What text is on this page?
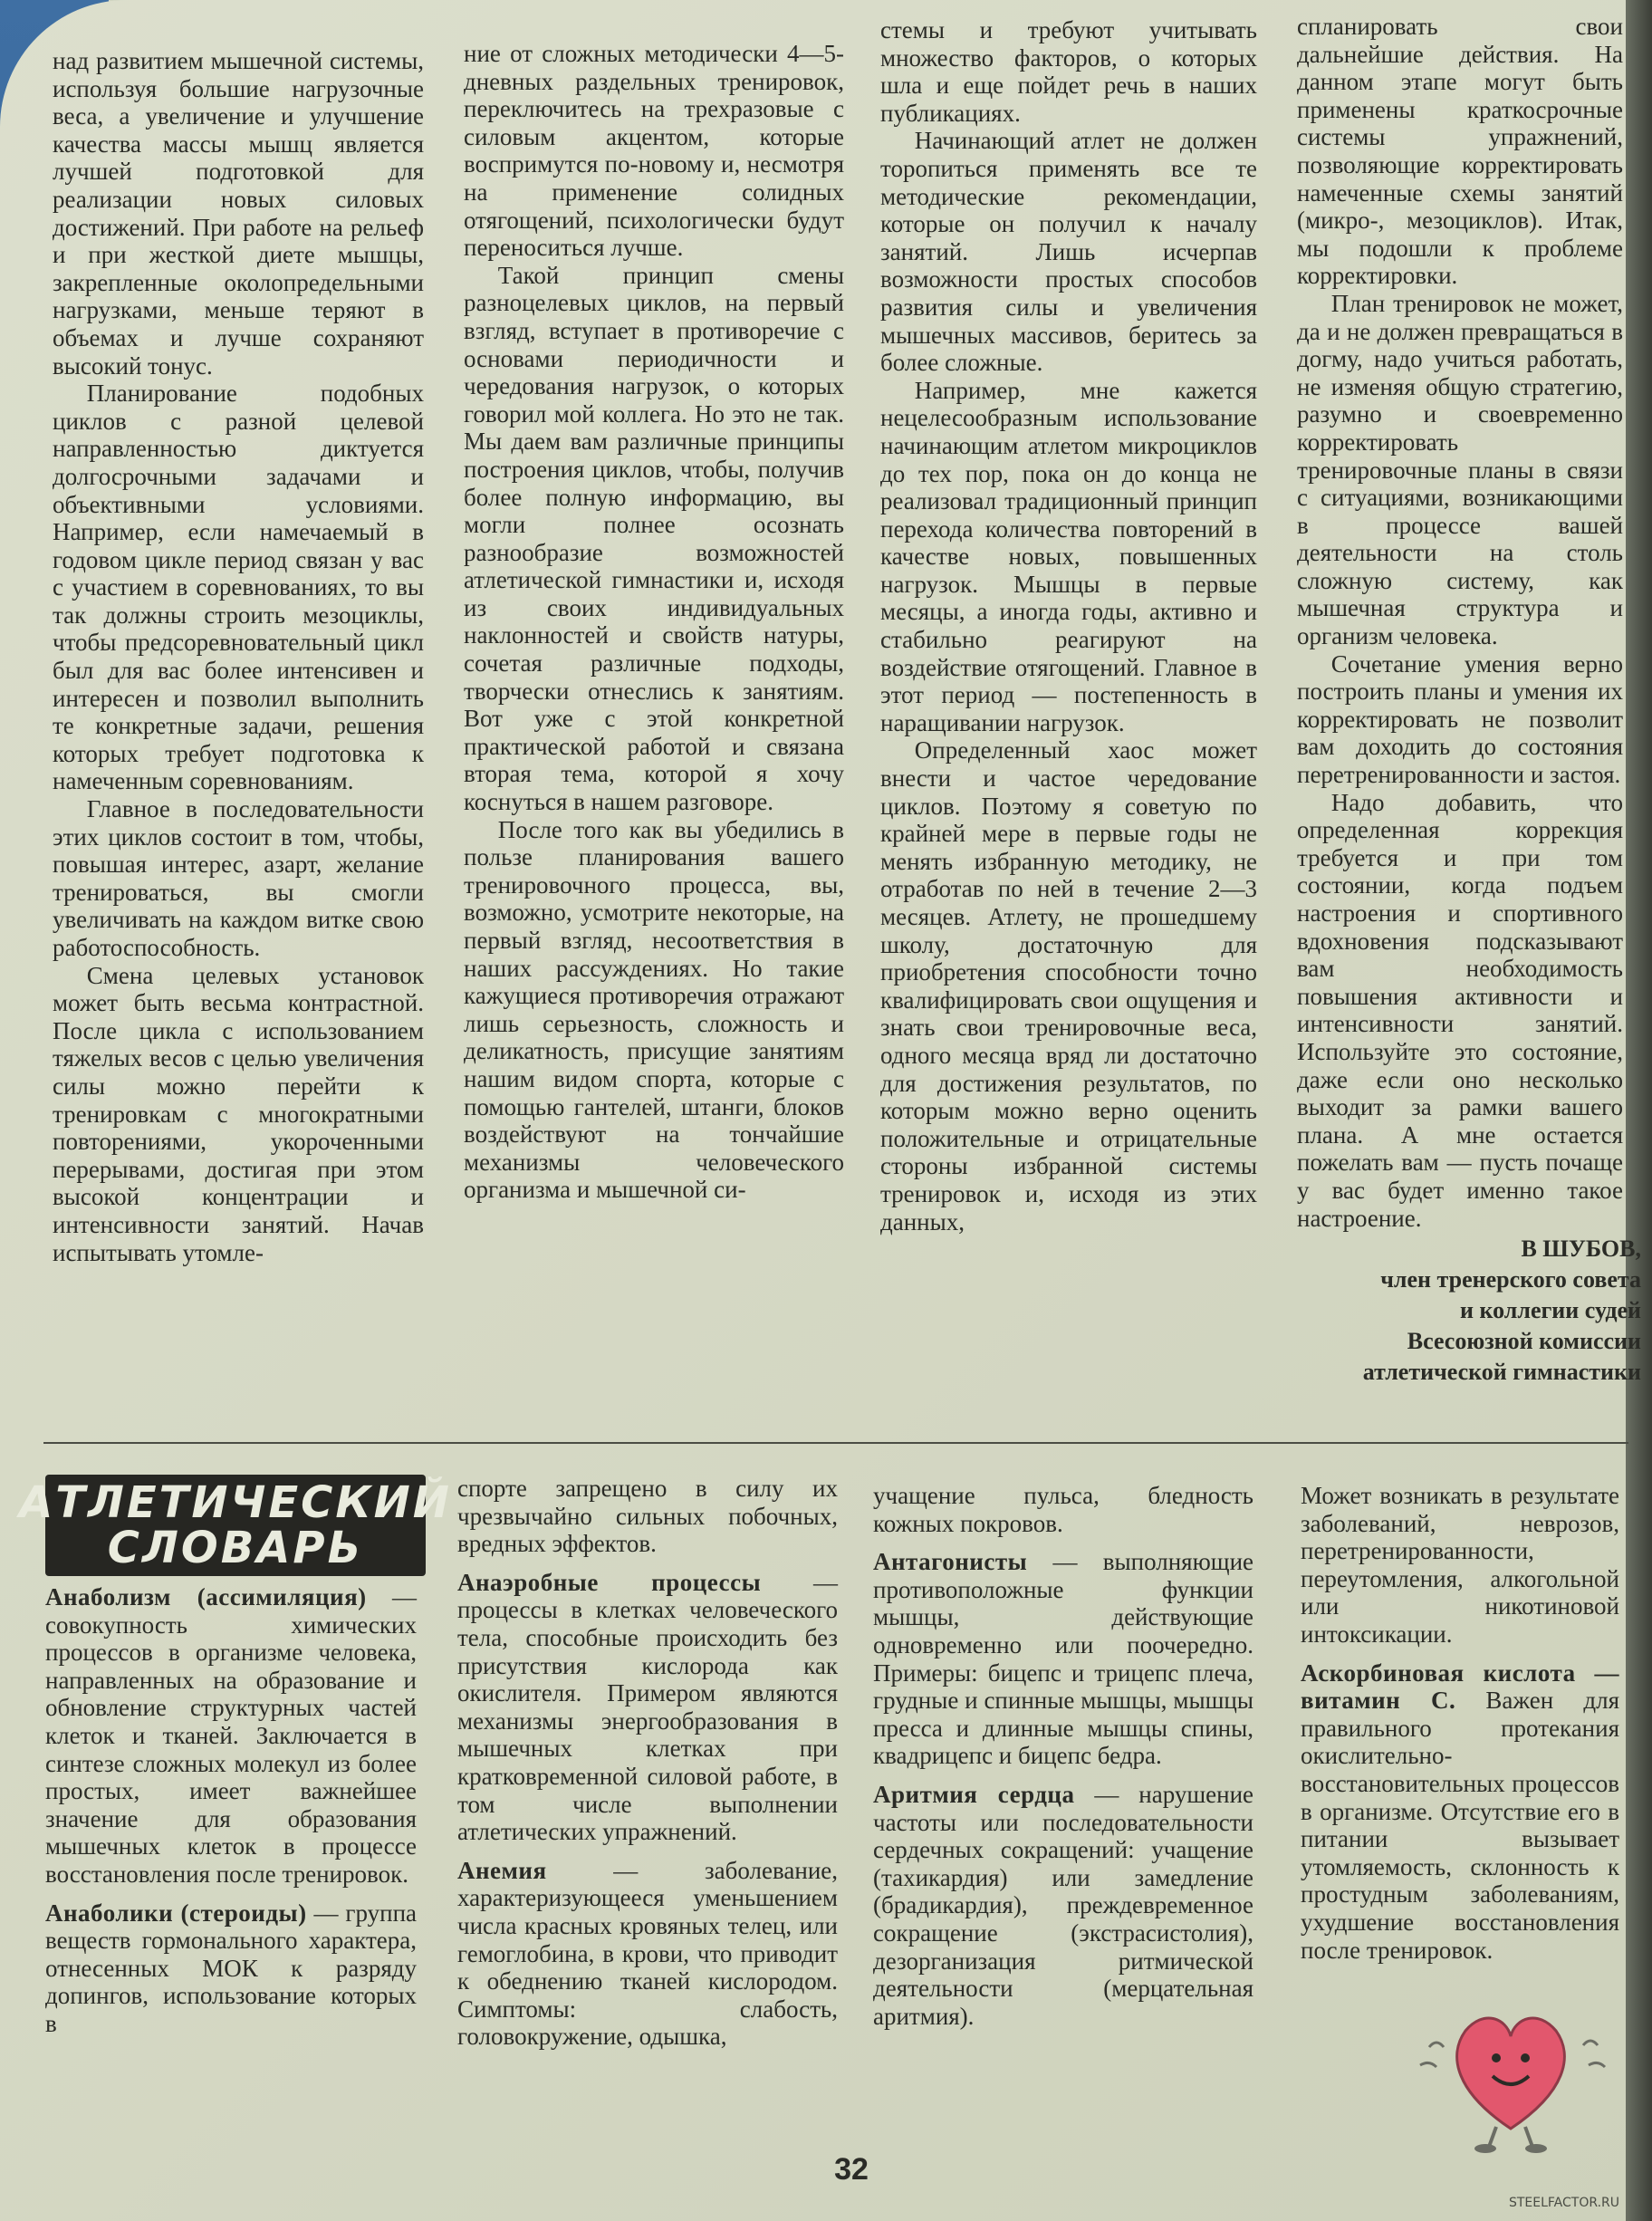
над развитием мышечной системы, используя большие нагрузочные веса, а увеличение и улучшение качества массы мышц является лучшей подготовкой для реализации новых силовых достижений. При работе на рельеф и при жесткой диете мышцы, закрепленные околопредельными нагрузками, меньше теряют в объемах и лучше сохраняют высокий тонус.

Планирование подобных циклов с разной целевой направленностью диктуется долгосрочными задачами и объективными условиями. Например, если намечаемый в годовом цикле период связан у вас с участием в соревнованиях, то вы так должны строить мезоциклы, чтобы предсоревновательный цикл был для вас более интенсивен и интересен и позволил выполнить те конкретные задачи, решения которых требует подготовка к намеченным соревнованиям.

Главное в последовательности этих циклов состоит в том, чтобы, повышая интерес, азарт, желание тренироваться, вы смогли увеличивать на каждом витке свою работоспособность.

Смена целевых установок может быть весьма контрастной. После цикла с использованием тяжелых весов с целью увеличения силы можно перейти к тренировкам с многократными повторениями, укороченными перерывами, достигая при этом высокой концентрации и интенсивности занятий. Начав испытывать утомле-

ние от сложных методически 4—5-дневных раздельных тренировок, переключитесь на трехразовые с силовым акцентом, которые воспримутся по-новому и, несмотря на применение солидных отягощений, психологически будут переноситься лучше.

Такой принцип смены разноцелевых циклов, на первый взгляд, вступает в противоречие с основами периодичности и чередования нагрузок, о которых говорил мой коллега. Но это не так. Мы даем вам различные принципы построения циклов, чтобы, получив более полную информацию, вы могли полнее осознать разнообразие возможностей атлетической гимнастики и, исходя из своих индивидуальных наклонностей и свойств натуры, сочетая различные подходы, творчески отнеслись к занятиям. Вот уже с этой конкретной практической работой и связана вторая тема, которой я хочу коснуться в нашем разговоре.

После того как вы убедились в пользе планирования вашего тренировочного процесса, вы, возможно, усмотрите некоторые, на первый взгляд, несоответствия в наших рассуждениях. Но такие кажущиеся противоречия отражают лишь серьезность, сложность и деликатность, присущие занятиям нашим видом спорта, которые с помощью гантелей, штанги, блоков воздействуют на тончайшие механизмы человеческого организма и мышечной си-

стемы и требуют учитывать множество факторов, о которых шла и еще пойдет речь в наших публикациях.

Начинающий атлет не должен торопиться применять все те методические рекомендации, которые он получил к началу занятий. Лишь исчерпав возможности простых способов развития силы и увеличения мышечных массивов, беритесь за более сложные.

Например, мне кажется нецелесообразным использование начинающим атлетом микроциклов до тех пор, пока он до конца не реализовал традиционный принцип перехода количества повторений в качестве новых, повышенных нагрузок. Мышцы в первые месяцы, а иногда годы, активно и стабильно реагируют на воздействие отягощений. Главное в этот период — постепенность в наращивании нагрузок.

Определенный хаос может внести и частое чередование циклов. Поэтому я советую по крайней мере в первые годы не менять избранную методику, не отработав по ней в течение 2—3 месяцев. Атлету, не прошедшему школу, достаточную для приобретения способности точно квалифицировать свои ощущения и знать свои тренировочные веса, одного месяца вряд ли достаточно для достижения результатов, по которым можно верно оценить положительные и отрицательные стороны избранной системы тренировок и, исходя из этих данных,

спланировать свои дальнейшие действия. На данном этапе могут быть применены краткосрочные системы упражнений, позволяющие корректировать намеченные схемы занятий (микро-, мезоциклов). Итак, мы подошли к проблеме корректировки.

План тренировок не может, да и не должен превращаться в догму, надо учиться работать, не изменяя общую стратегию, разумно и своевременно корректировать тренировочные планы в связи с ситуациями, возникающими в процессе вашей деятельности на столь сложную систему, как мышечная структура и организм человека.

Сочетание умения верно построить планы и умения их корректировать не позволит вам доходить до состояния перетренированности и застоя.

Надо добавить, что определенная коррекция требуется и при том состоянии, когда подъем настроения и спортивного вдохновения подсказывают вам необходимость повышения активности и интенсивности занятий. Используйте это состояние, даже если оно несколько выходит за рамки вашего плана. А мне остается пожелать вам — пусть почаще у вас будет именно такое настроение.

В ШУБОВ,
член тренерского совета
и коллегии судей
Всесоюзной комиссии
атлетической гимнастики
АТЛЕТИЧЕСКИЙ
СЛОВАРЬ

Анаболизм (ассимиляция) — совокупность химических процессов в организме человека, направленных на образование и обновление структурных частей клеток и тканей. Заключается в синтезе сложных молекул из более простых, имеет важнейшее значение для образования мышечных клеток в процессе восстановления после тренировок.

Анаболики (стероиды) — группа веществ гормонального характера, отнесенных МОК к разряду допингов, использование которых в

спорте запрещено в силу их чрезвычайно сильных побочных, вредных эффектов.

Анаэробные процессы — процессы в клетках человеческого тела, способные происходить без присутствия кислорода как окислителя. Примером являются механизмы энергообразования в мышечных клетках при кратковременной силовой работе, в том числе выполнении атлетических упражнений.

Анемия — заболевание, характеризующееся уменьшением числа красных кровяных телец, или гемоглобина, в крови, что приводит к обеднению тканей кислородом. Симптомы: слабость, головокружение, одышка,

учащение пульса, бледность кожных покровов.

Антагонисты — выполняющие противоположные функции мышцы, действующие одновременно или поочередно. Примеры: бицепс и трицепс плеча, грудные и спинные мышцы, мышцы пресса и длинные мышцы спины, квадрицепс и бицепс бедра.

Аритмия сердца — нарушение частоты или последовательности сердечных сокращений: учащение (тахикардия) или замедление (брадикардия), преждевременное сокращение (экстрасистолия), дезорганизация ритмической деятельности (мерцательная аритмия).

Может возникать в результате заболеваний, неврозов, перетренированности, переутомления, алкогольной или никотиновой интоксикации.

Аскорбиновая кислота — витамин С. Важен для правильного протекания окислительно-восстановительных процессов в организме. Отсутствие его в питании вызывает утомляемость, склонность к простудным заболеваниям, ухудшение восстановления после тренировок.

32
STEELFACTOR.RU
